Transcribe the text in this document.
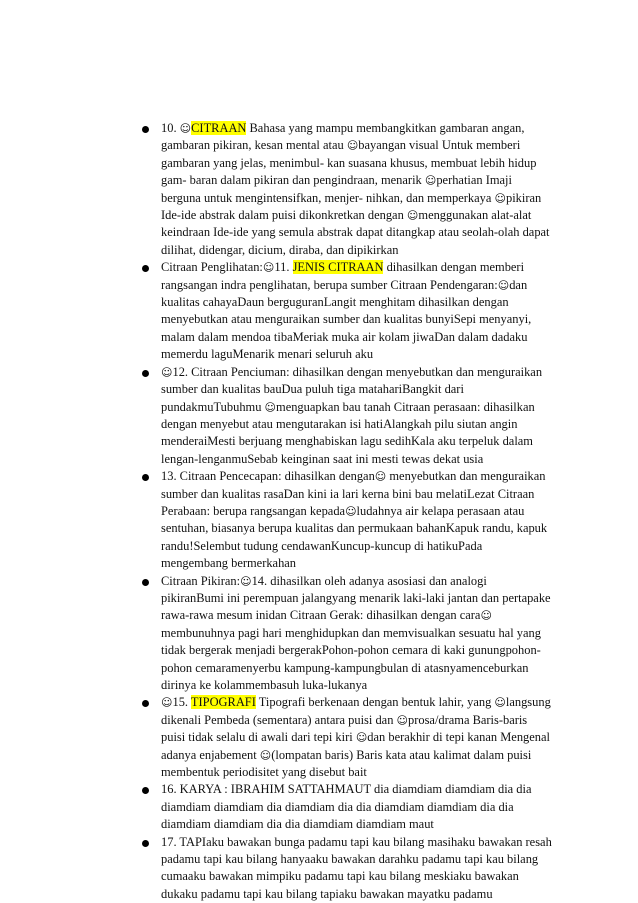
10. ☺CITRAAN Bahasa yang mampu membangkitkan gambaran angan, gambaran pikiran, kesan mental atau ☺bayangan visual Untuk memberi gambaran yang jelas, menimbul- kan suasana khusus, membuat lebih hidup gam- baran dalam pikiran dan pengindraan, menarik ☺perhatian Imaji berguna untuk mengintensifkan, menjer- nihkan, dan memperkaya ☺pikiran Ide-ide abstrak dalam puisi dikonkretkan dengan ☺menggunakan alat-alat keindraan Ide-ide yang semula abstrak dapat ditangkap atau seolah-olah dapat dilihat, didengar, dicium, diraba, dan dipikirkan
Citraan Penglihatan:☺11. JENIS CITRAAN dihasilkan dengan memberi rangsangan indra penglihatan, berupa sumber Citraan Pendengaran:☺dan kualitas cahayaDaun berguguranLangit menghitam dihasilkan dengan menyebutkan atau menguraikan sumber dan kualitas bunyiSepi menyanyi, malam dalam mendoa tibaMeriak muka air kolam jiwaDan dalam dadaku memerdu laguMenarik menari seluruh aku
☺12. Citraan Penciuman: dihasilkan dengan menyebutkan dan menguraikan sumber dan kualitas bauDua puluh tiga matahariBangkit dari pundakmuTubuhmu ☺menguapkan bau tanah Citraan perasaan: dihasilkan dengan menyebut atau mengutarakan isi hatiAlangkah pilu siutan angin menderaiMesti berjuang menghabiskan lagu sedihKala aku terpeluk dalam lengan-lenganmuSebab keinginan saat ini mesti tewas dekat usia
13. Citraan Pencecapan: dihasilkan dengan☺ menyebutkan dan menguraikan sumber dan kualitas rasaDan kini ia lari kerna bini bau melatiLezat Citraan Perabaan: berupa rangsangan kepada☺ludahnya air kelapa perasaan atau sentuhan, biasanya berupa kualitas dan permukaan bahanKapuk randu, kapuk randu!Selembut tudung cendawanKuncup-kuncup di hatikuPada mengembang bermerkahan
Citraan Pikiran:☺14. dihasilkan oleh adanya asosiasi dan analogi pikiranBumi ini perempuan jalangyang menarik laki-laki jantan dan pertapake rawa-rawa mesum inidan Citraan Gerak: dihasilkan dengan cara☺membunuhnya pagi hari menghidupkan dan memvisualkan sesuatu hal yang tidak bergerak menjadi bergerakPohon-pohon cemara di kaki gunungpohon-pohon cemaramenyerbu kampung-kampungbulan di atasnyamenceburkan dirinya ke kolammembasuh luka-lukanya
☺15. TIPOGRAFI Tipografi berkenaan dengan bentuk lahir, yang ☺langsung dikenali Pembeda (sementara) antara puisi dan ☺prosa/drama Baris-baris puisi tidak selalu di awali dari tepi kiri ☺dan berakhir di tepi kanan Mengenal adanya enjabement ☺(lompatan baris) Baris kata atau kalimat dalam puisi membentuk periodisitet yang disebut bait
16. KARYA : IBRAHIM SATTAHMAUT dia diamdiam diamdiam dia dia diamdiam diamdiam dia diamdiam dia dia diamdiam diamdiam dia dia diamdiam diamdiam dia dia diamdiam diamdiam maut
17. TAPIaku bawakan bunga padamu tapi kau bilang masihaku bawakan resah padamu tapi kau bilang hanyaaku bawakan darahku padamu tapi kau bilang cumaaku bawakan mimpiku padamu tapi kau bilang meskiaku bawakan dukaku padamu tapi kau bilang tapiaku bawakan mayatku padamu
